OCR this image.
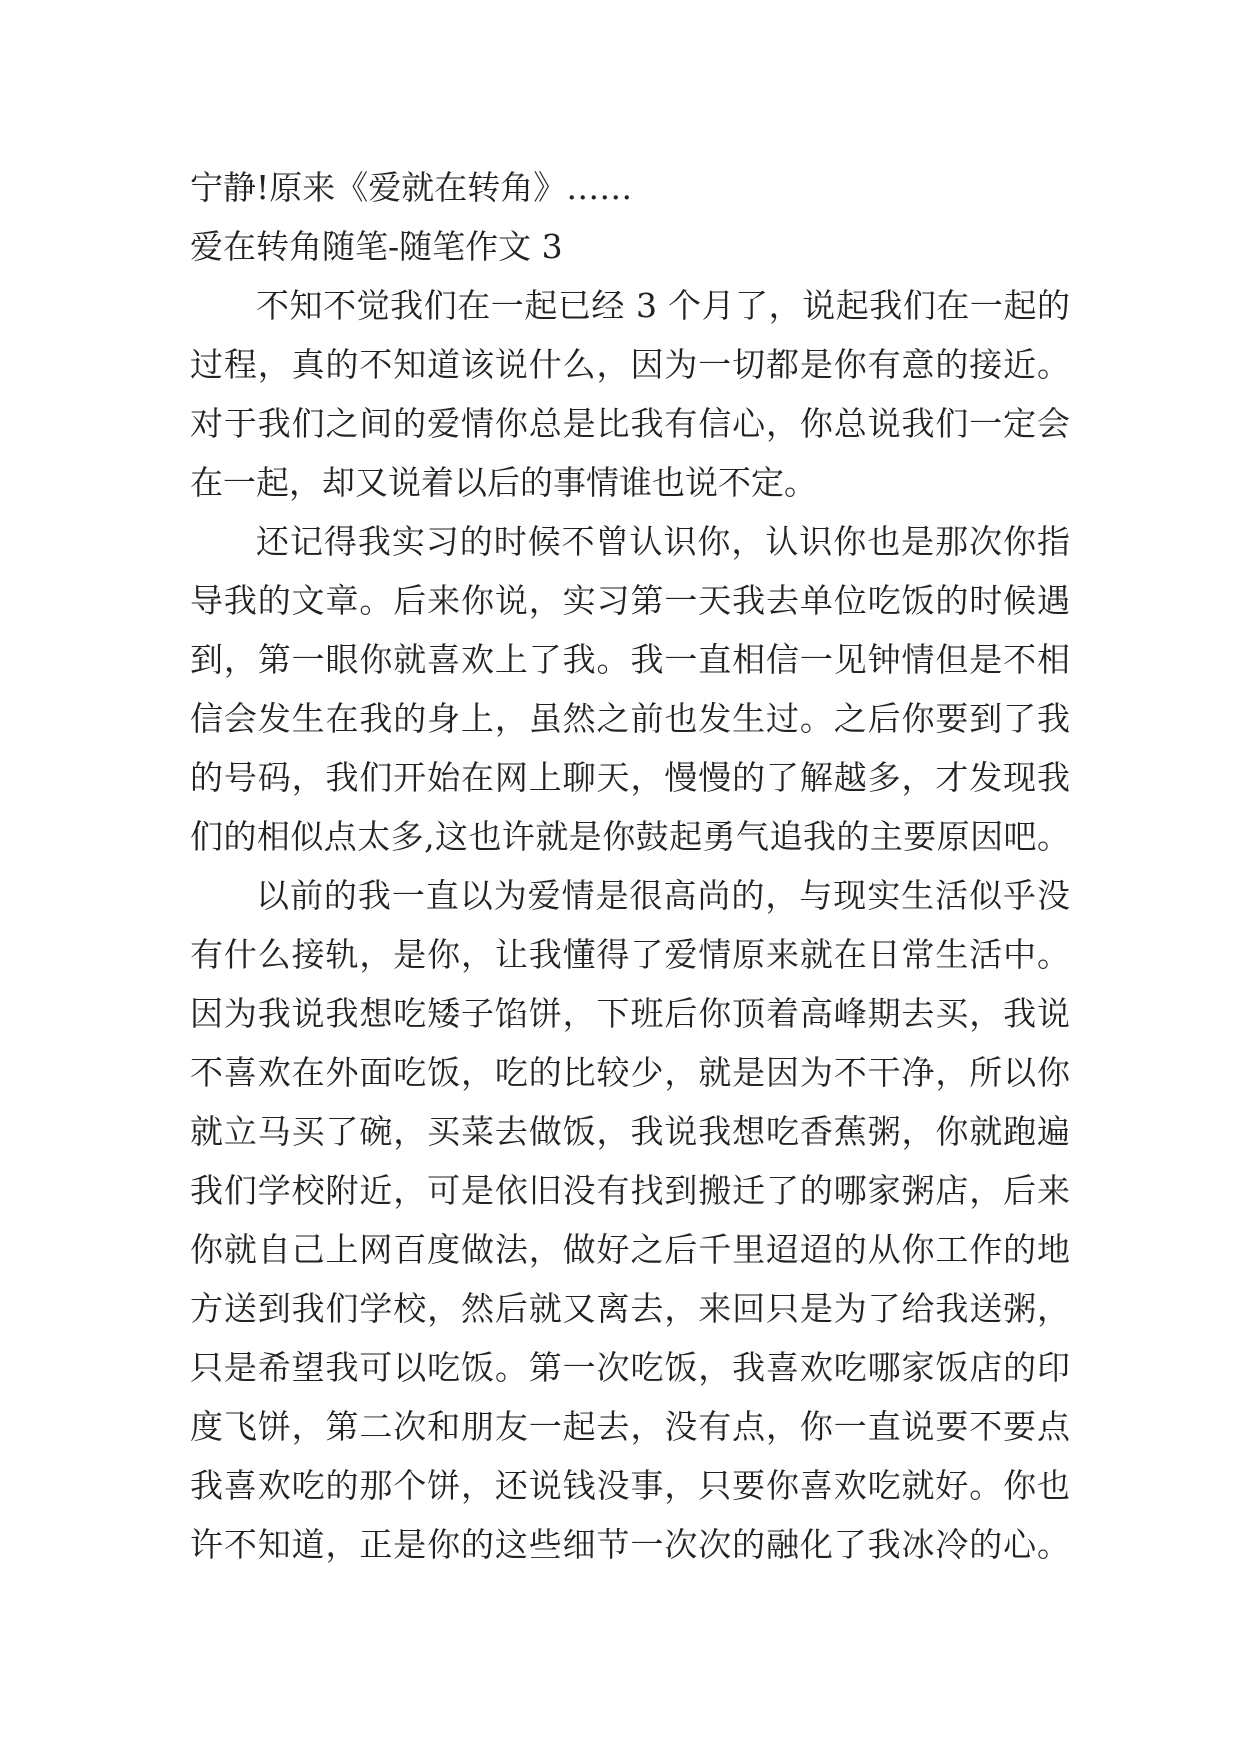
宁静!原来《爱就在转角》……
爱在转角随笔-随笔作文 3
不知不觉我们在一起已经 3 个月了，说起我们在一起的
过程，真的不知道该说什么，因为一切都是你有意的接近。
对于我们之间的爱情你总是比我有信心，你总说我们一定会
在一起，却又说着以后的事情谁也说不定。
还记得我实习的时候不曾认识你，认识你也是那次你指
导我的文章。后来你说，实习第一天我去单位吃饭的时候遇
到，第一眼你就喜欢上了我。我一直相信一见钟情但是不相
信会发生在我的身上，虽然之前也发生过。之后你要到了我
的号码，我们开始在网上聊天，慢慢的了解越多，才发现我
们的相似点太多,这也许就是你鼓起勇气追我的主要原因吧。
以前的我一直以为爱情是很高尚的，与现实生活似乎没
有什么接轨，是你，让我懂得了爱情原来就在日常生活中。
因为我说我想吃矮子馅饼，下班后你顶着高峰期去买，我说
不喜欢在外面吃饭，吃的比较少，就是因为不干净，所以你
就立马买了碗，买菜去做饭，我说我想吃香蕉粥，你就跑遍
我们学校附近，可是依旧没有找到搬迁了的哪家粥店，后来
你就自己上网百度做法，做好之后千里迢迢的从你工作的地
方送到我们学校，然后就又离去，来回只是为了给我送粥，
只是希望我可以吃饭。第一次吃饭，我喜欢吃哪家饭店的印
度飞饼，第二次和朋友一起去，没有点，你一直说要不要点
我喜欢吃的那个饼，还说钱没事，只要你喜欢吃就好。你也
许不知道，正是你的这些细节一次次的融化了我冰冷的心。
